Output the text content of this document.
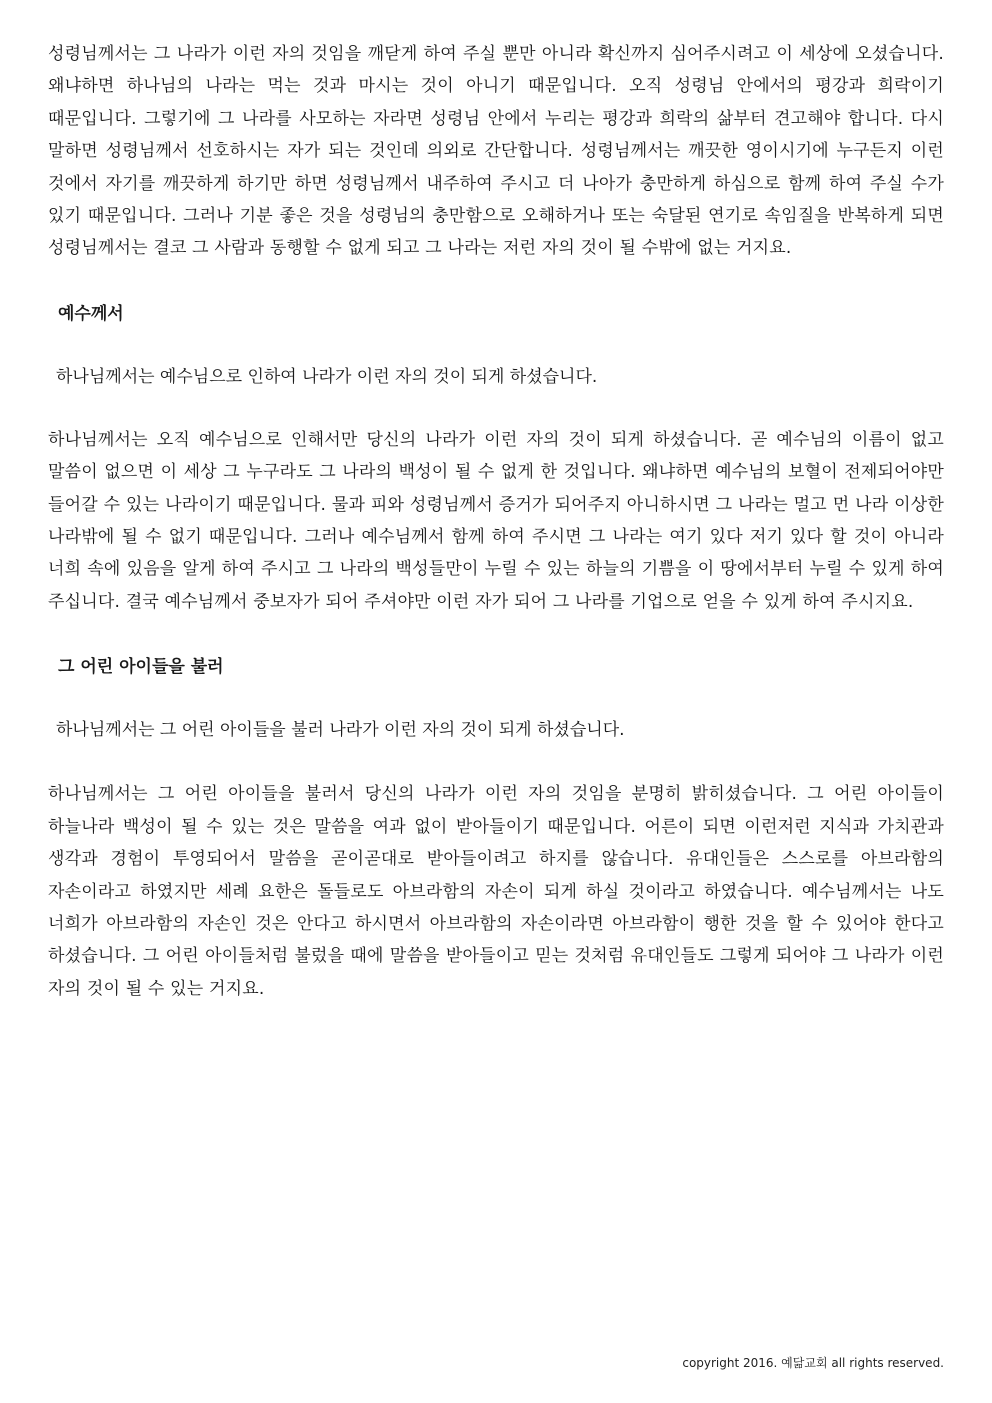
성령님께서는 그 나라가 이런 자의 것임을 깨닫게 하여 주실 뿐만 아니라 확신까지 심어주시려고 이 세상에 오셨습니다. 왜냐하면 하나님의 나라는 먹는 것과 마시는 것이 아니기 때문입니다. 오직 성령님 안에서의 평강과 희락이기 때문입니다. 그렇기에 그 나라를 사모하는 자라면 성령님 안에서 누리는 평강과 희락의 삶부터 견고해야 합니다. 다시 말하면 성령님께서 선호하시는 자가 되는 것인데 의외로 간단합니다. 성령님께서는 깨끗한 영이시기에 누구든지 이런 것에서 자기를 깨끗하게 하기만 하면 성령님께서 내주하여 주시고 더 나아가 충만하게 하심으로 함께 하여 주실 수가 있기 때문입니다. 그러나 기분 좋은 것을 성령님의 충만함으로 오해하거나 또는 숙달된 연기로 속임질을 반복하게 되면 성령님께서는 결코 그 사람과 동행할 수 없게 되고 그 나라는 저런 자의 것이 될 수밖에 없는 거지요.

예수께서

하나님께서는 예수님으로 인하여 나라가 이런 자의 것이 되게 하셨습니다.

하나님께서는 오직 예수님으로 인해서만 당신의 나라가 이런 자의 것이 되게 하셨습니다. 곧 예수님의 이름이 없고 말씀이 없으면 이 세상 그 누구라도 그 나라의 백성이 될 수 없게 한 것입니다. 왜냐하면 예수님의 보혈이 전제되어야만 들어갈 수 있는 나라이기 때문입니다. 물과 피와 성령님께서 증거가 되어주지 아니하시면 그 나라는 멀고 먼 나라 이상한 나라밖에 될 수 없기 때문입니다. 그러나 예수님께서 함께 하여 주시면 그 나라는 여기 있다 저기 있다 할 것이 아니라 너희 속에 있음을 알게 하여 주시고 그 나라의 백성들만이 누릴 수 있는 하늘의 기쁨을 이 땅에서부터 누릴 수 있게 하여 주십니다. 결국 예수님께서 중보자가 되어 주셔야만 이런 자가 되어 그 나라를 기업으로 얻을 수 있게 하여 주시지요.

그 어린 아이들을 불러

하나님께서는 그 어린 아이들을 불러 나라가 이런 자의 것이 되게 하셨습니다.

하나님께서는 그 어린 아이들을 불러서 당신의 나라가 이런 자의 것임을 분명히 밝히셨습니다. 그 어린 아이들이 하늘나라 백성이 될 수 있는 것은 말씀을 여과 없이 받아들이기 때문입니다. 어른이 되면 이런저런 지식과 가치관과 생각과 경험이 투영되어서 말씀을 곧이곧대로 받아들이려고 하지를 않습니다. 유대인들은 스스로를 아브라함의 자손이라고 하였지만 세례 요한은 돌들로도 아브라함의 자손이 되게 하실 것이라고 하였습니다. 예수님께서는 나도 너희가 아브라함의 자손인 것은 안다고 하시면서 아브라함의 자손이라면 아브라함이 행한 것을 할 수 있어야 한다고 하셨습니다. 그 어린 아이들처럼 불렀을 때에 말씀을 받아들이고 믿는 것처럼 유대인들도 그렇게 되어야 그 나라가 이런 자의 것이 될 수 있는 거지요.

copyright 2016. 예닮교회 all rights reserved.
